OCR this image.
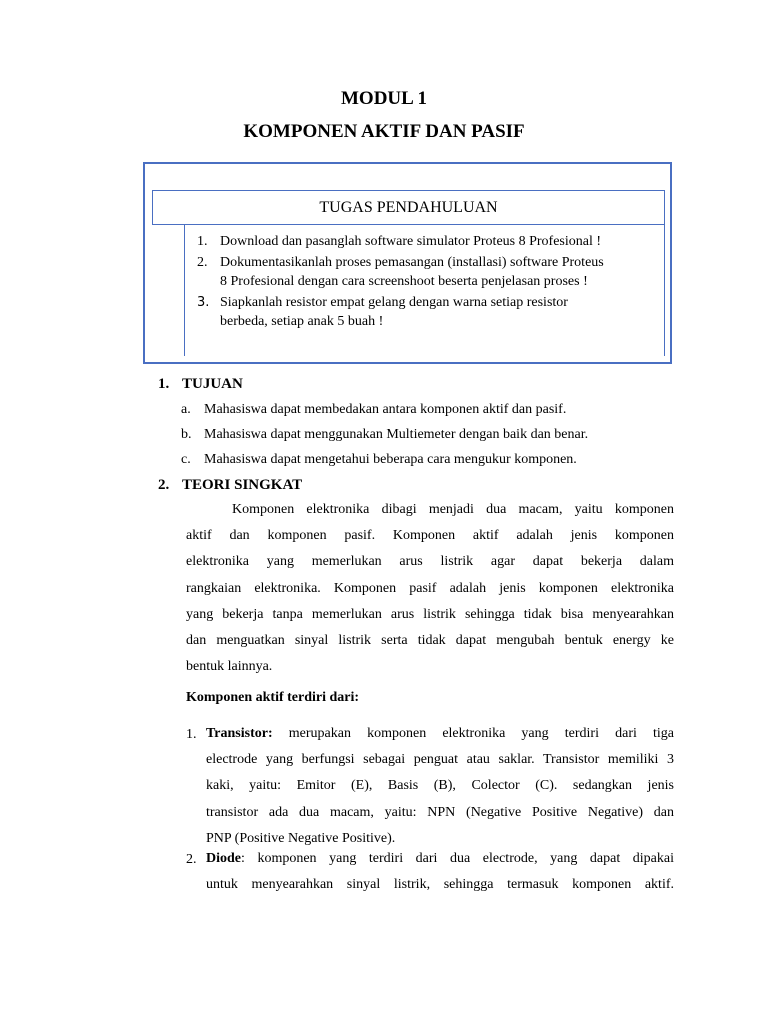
MODUL 1
KOMPONEN AKTIF DAN PASIF
TUGAS PENDAHULUAN
1. Download dan pasanglah software simulator Proteus 8 Profesional !
2. Dokumentasikanlah proses pemasangan (installasi) software Proteus
8 Profesional dengan cara screenshoot beserta penjelasan proses !
3. Siapkanlah resistor empat gelang dengan warna setiap resistor
berbeda, setiap anak 5 buah !
1. TUJUAN
a. Mahasiswa dapat membedakan antara komponen aktif dan pasif.
b. Mahasiswa dapat menggunakan Multiemeter dengan baik dan benar.
c. Mahasiswa dapat mengetahui beberapa cara mengukur komponen.
2. TEORI SINGKAT
Komponen elektronika dibagi menjadi dua macam, yaitu komponen
aktif dan komponen pasif. Komponen aktif adalah jenis komponen
elektronika yang memerlukan arus listrik agar dapat bekerja dalam
rangkaian elektronika. Komponen pasif adalah jenis komponen elektronika
yang bekerja tanpa memerlukan arus listrik sehingga tidak bisa menyearahkan
dan menguatkan sinyal listrik serta tidak dapat mengubah bentuk energy ke
bentuk lainnya.
Komponen aktif terdiri dari:
1. Transistor: merupakan komponen elektronika yang terdiri dari tiga
electrode yang berfungsi sebagai penguat atau saklar. Transistor memiliki 3
kaki, yaitu: Emitor (E), Basis (B), Colector (C). sedangkan jenis
transistor ada dua macam, yaitu: NPN (Negative Positive Negative) dan
PNP (Positive Negative Positive).
2. Diode: komponen yang terdiri dari dua electrode, yang dapat dipakai
untuk menyearahkan sinyal listrik, sehingga termasuk komponen aktif.
